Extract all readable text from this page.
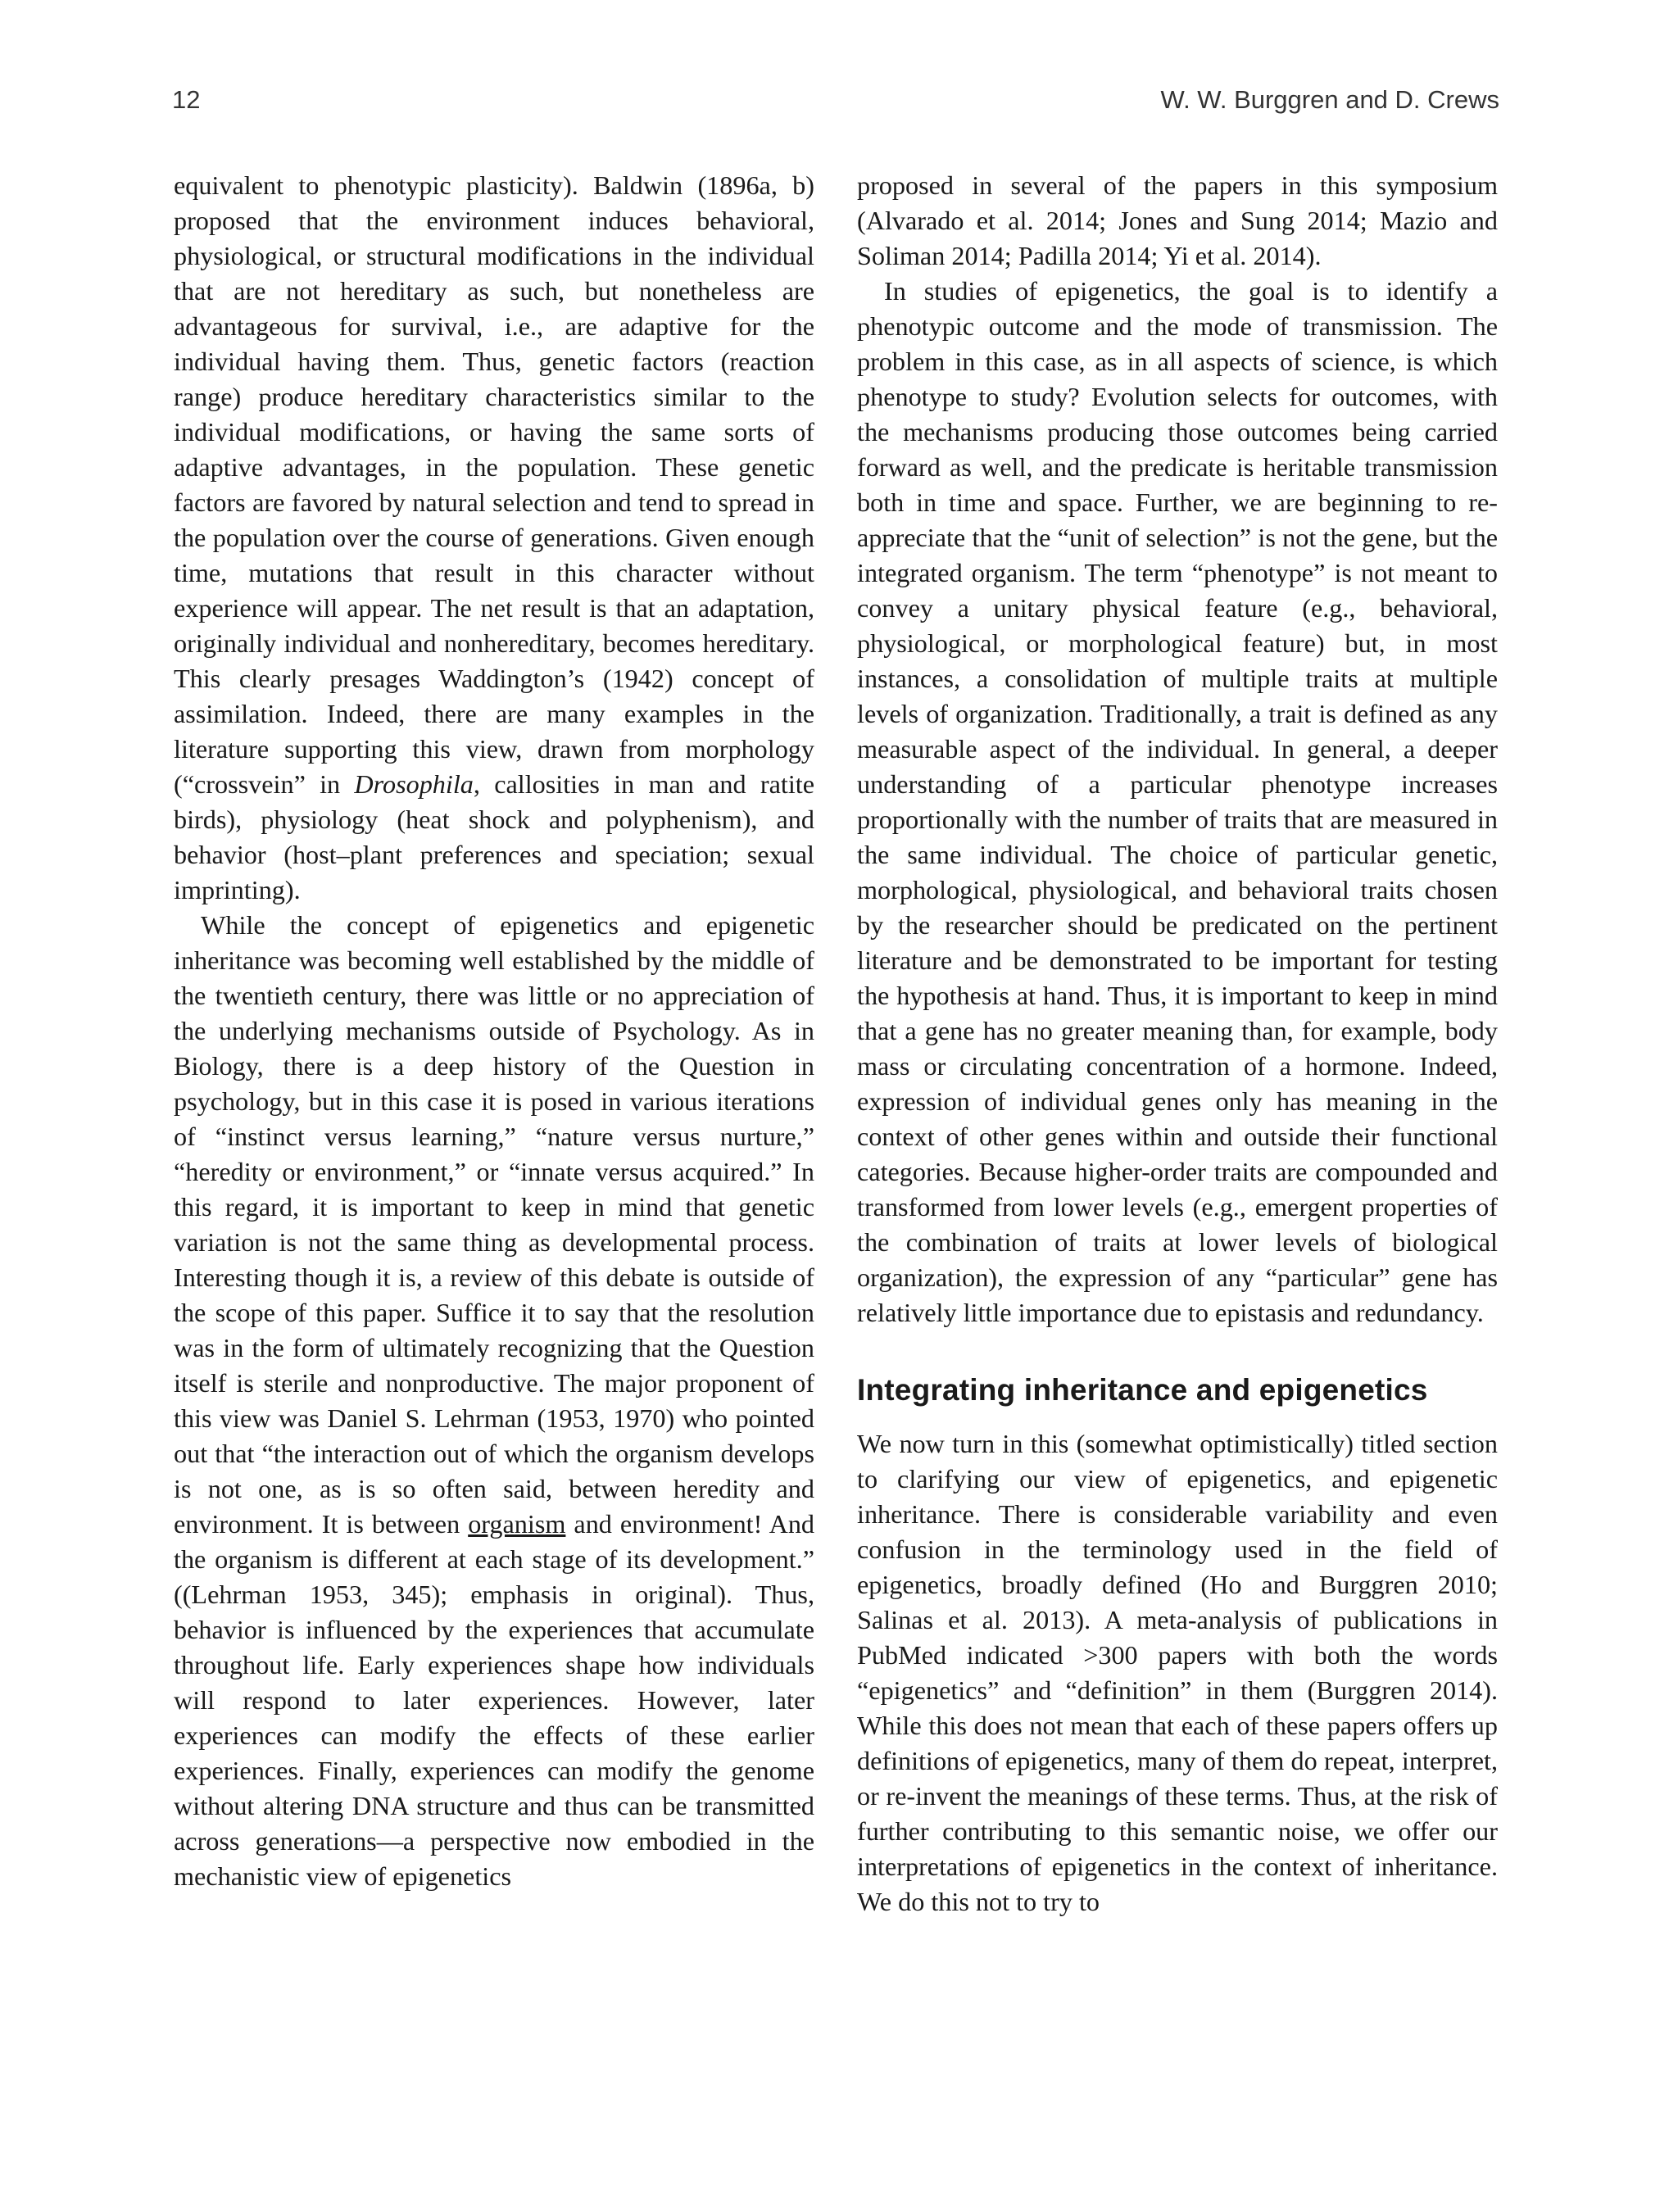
12	W. W. Burggren and D. Crews

equivalent to phenotypic plasticity). Baldwin (1896a, b) proposed that the environment induces behavioral, physiological, or structural modifications in the individual that are not hereditary as such, but nonetheless are advantageous for survival, i.e., are adaptive for the individual having them. Thus, genetic factors (reaction range) produce hereditary characteristics similar to the individual modifications, or having the same sorts of adaptive advantages, in the population. These genetic factors are favored by natural selection and tend to spread in the population over the course of generations. Given enough time, mutations that result in this character without experience will appear. The net result is that an adaptation, originally individual and nonhereditary, becomes hereditary. This clearly presages Waddington’s (1942) concept of assimilation. Indeed, there are many examples in the literature supporting this view, drawn from morphology (“crossvein” in Drosophila, callosities in man and ratite birds), physiology (heat shock and polyphenism), and behavior (host–plant preferences and speciation; sexual imprinting).

While the concept of epigenetics and epigenetic inheritance was becoming well established by the middle of the twentieth century, there was little or no appreciation of the underlying mechanisms outside of Psychology. As in Biology, there is a deep history of the Question in psychology, but in this case it is posed in various iterations of “instinct versus learning,” “nature versus nurture,” “heredity or environment,” or “innate versus acquired.” In this regard, it is important to keep in mind that genetic variation is not the same thing as developmental process. Interesting though it is, a review of this debate is outside of the scope of this paper. Suffice it to say that the resolution was in the form of ultimately recognizing that the Question itself is sterile and nonproductive. The major proponent of this view was Daniel S. Lehrman (1953, 1970) who pointed out that “the interaction out of which the organism develops is not one, as is so often said, between heredity and environment. It is between organism and environment! And the organism is different at each stage of its development.” ((Lehrman 1953, 345); emphasis in original). Thus, behavior is influenced by the experiences that accumulate throughout life. Early experiences shape how individuals will respond to later experiences. However, later experiences can modify the effects of these earlier experiences. Finally, experiences can modify the genome without altering DNA structure and thus can be transmitted across generations—a perspective now embodied in the mechanistic view of epigenetics

proposed in several of the papers in this symposium (Alvarado et al. 2014; Jones and Sung 2014; Mazio and Soliman 2014; Padilla 2014; Yi et al. 2014).

In studies of epigenetics, the goal is to identify a phenotypic outcome and the mode of transmission. The problem in this case, as in all aspects of science, is which phenotype to study? Evolution selects for outcomes, with the mechanisms producing those outcomes being carried forward as well, and the predicate is heritable transmission both in time and space. Further, we are beginning to re-appreciate that the “unit of selection” is not the gene, but the integrated organism. The term “phenotype” is not meant to convey a unitary physical feature (e.g., behavioral, physiological, or morphological feature) but, in most instances, a consolidation of multiple traits at multiple levels of organization. Traditionally, a trait is defined as any measurable aspect of the individual. In general, a deeper understanding of a particular phenotype increases proportionally with the number of traits that are measured in the same individual. The choice of particular genetic, morphological, physiological, and behavioral traits chosen by the researcher should be predicated on the pertinent literature and be demonstrated to be important for testing the hypothesis at hand. Thus, it is important to keep in mind that a gene has no greater meaning than, for example, body mass or circulating concentration of a hormone. Indeed, expression of individual genes only has meaning in the context of other genes within and outside their functional categories. Because higher-order traits are compounded and transformed from lower levels (e.g., emergent properties of the combination of traits at lower levels of biological organization), the expression of any “particular” gene has relatively little importance due to epistasis and redundancy.

Integrating inheritance and epigenetics

We now turn in this (somewhat optimistically) titled section to clarifying our view of epigenetics, and epigenetic inheritance. There is considerable variability and even confusion in the terminology used in the field of epigenetics, broadly defined (Ho and Burggren 2010; Salinas et al. 2013). A meta-analysis of publications in PubMed indicated >300 papers with both the words “epigenetics” and “definition” in them (Burggren 2014). While this does not mean that each of these papers offers up definitions of epigenetics, many of them do repeat, interpret, or re-invent the meanings of these terms. Thus, at the risk of further contributing to this semantic noise, we offer our interpretations of epigenetics in the context of inheritance. We do this not to try to
